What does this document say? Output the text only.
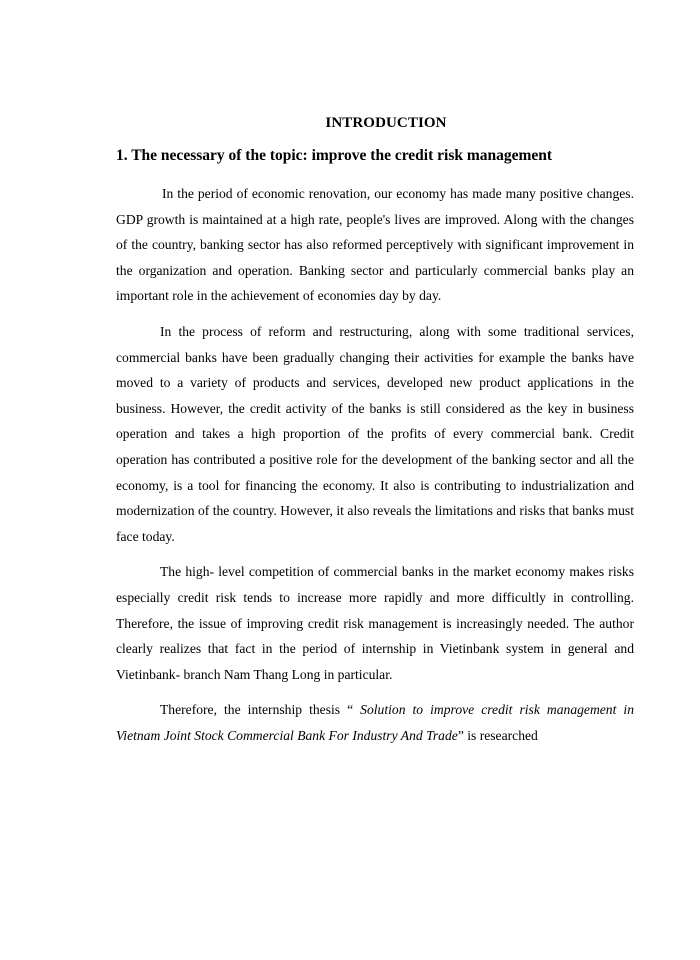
INTRODUCTION
1. The necessary of the topic: improve the credit risk management

In the period of economic renovation, our economy has made many positive changes. GDP growth is maintained at a high rate, people's lives are improved. Along with the changes of the country, banking sector has also reformed perceptively with significant improvement in the organization and operation. Banking sector and particularly commercial banks play an important role in the achievement of economies day by day.

In the process of reform and restructuring, along with some traditional services, commercial banks have been gradually changing their activities for example the banks have moved to a variety of products and services, developed new product applications in the business. However, the credit activity of the banks is still considered as the key in business operation and takes a high proportion of the profits of every commercial bank. Credit operation has contributed a positive role for the development of the banking sector and all the economy, is a tool for financing the economy. It also is contributing to industrialization and modernization of the country. However, it also reveals the limitations and risks that banks must face today.

The high- level competition of commercial banks in the market economy makes risks especially credit risk tends to increase more rapidly and more difficultly in controlling. Therefore, the issue of improving credit risk management is increasingly needed. The author clearly realizes that fact in the period of internship in Vietinbank system in general and Vietinbank- branch Nam Thang Long in particular.

Therefore, the internship thesis “ Solution to improve credit risk management in Vietnam Joint Stock Commercial Bank For Industry And Trade” is researched
